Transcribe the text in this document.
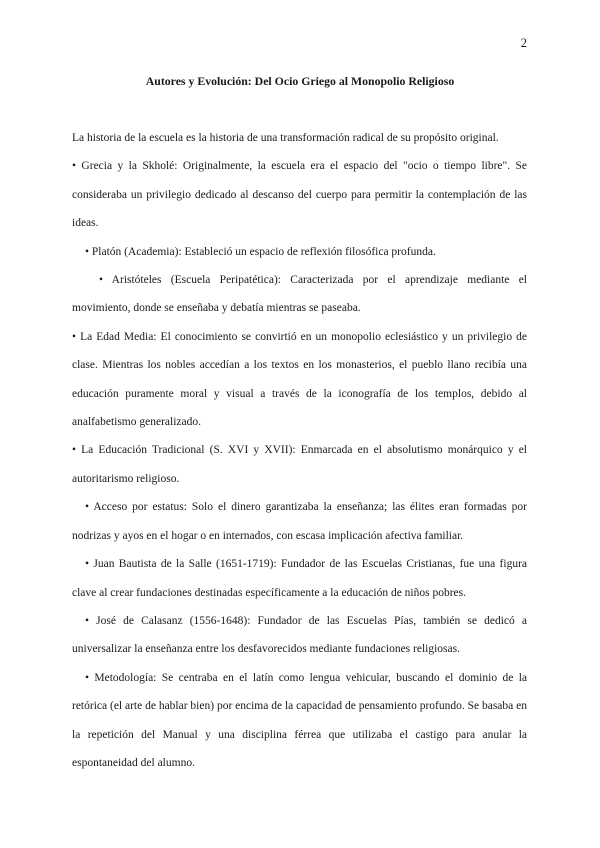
2
Autores y Evolución: Del Ocio Griego al Monopolio Religioso

La historia de la escuela es la historia de una transformación radical de su propósito original.

• Grecia y la Skholé: Originalmente, la escuela era el espacio del "ocio o tiempo libre". Se consideraba un privilegio dedicado al descanso del cuerpo para permitir la contemplación de las ideas.

• Platón (Academia): Estableció un espacio de reflexión filosófica profunda.

• Aristóteles (Escuela Peripatética): Caracterizada por el aprendizaje mediante el movimiento, donde se enseñaba y debatía mientras se paseaba.

• La Edad Media: El conocimiento se convirtió en un monopolio eclesiástico y un privilegio de clase. Mientras los nobles accedían a los textos en los monasterios, el pueblo llano recibía una educación puramente moral y visual a través de la iconografía de los templos, debido al analfabetismo generalizado.

• La Educación Tradicional (S. XVI y XVII): Enmarcada en el absolutismo monárquico y el autoritarismo religioso.

• Acceso por estatus: Solo el dinero garantizaba la enseñanza; las élites eran formadas por nodrizas y ayos en el hogar o en internados, con escasa implicación afectiva familiar.

• Juan Bautista de la Salle (1651-1719): Fundador de las Escuelas Cristianas, fue una figura clave al crear fundaciones destinadas específicamente a la educación de niños pobres.

• José de Calasanz (1556-1648): Fundador de las Escuelas Pías, también se dedicó a universalizar la enseñanza entre los desfavorecidos mediante fundaciones religiosas.

• Metodología: Se centraba en el latín como lengua vehicular, buscando el dominio de la retórica (el arte de hablar bien) por encima de la capacidad de pensamiento profundo. Se basaba en la repetición del Manual y una disciplina férrea que utilizaba el castigo para anular la espontaneidad del alumno.
